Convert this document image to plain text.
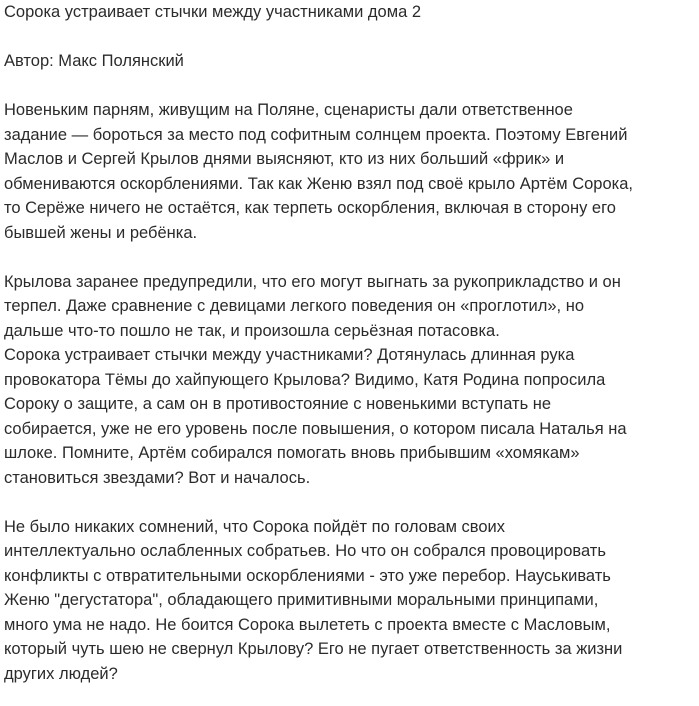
Сорока устраивает стычки между участниками дома 2
Автор: Макс Полянский
Новеньким парням, живущим на Поляне, сценаристы дали ответственное
задание — бороться за место под софитным солнцем проекта. Поэтому Евгений
Маслов и Сергей Крылов днями выясняют, кто из них больший «фрик» и
обмениваются оскорблениями. Так как Женю взял под своё крыло Артём Сорока,
то Серёже ничего не остаётся, как терпеть оскорбления, включая в сторону его
бывшей жены и ребёнка.
Крылова заранее предупредили, что его могут выгнать за рукоприкладство и он
терпел. Даже сравнение с девицами легкого поведения он «проглотил», но
дальше что-то пошло не так, и произошла серьёзная потасовка.
Сорока устраивает стычки между участниками? Дотянулась длинная рука
провокатора Тёмы до хайпующего Крылова? Видимо, Катя Родина попросила
Сороку о защите, а сам он в противостояние с новенькими вступать не
собирается, уже не его уровень после повышения, о котором писала Наталья на
шлоке. Помните, Артём собирался помогать вновь прибывшим «хомякам»
становиться звездами? Вот и началось.
Не было никаких сомнений, что Сорока пойдёт по головам своих
интеллектуально ослабленных собратьев. Но что он собрался провоцировать
конфликты с отвратительными оскорблениями - это уже перебор. Науськивать
Женю "дегустатора", обладающего примитивными моральными принципами,
много ума не надо. Не боится Сорока вылететь с проекта вместе с Масловым,
который чуть шею не свернул Крылову? Его не пугает ответственность за жизни
других людей?
